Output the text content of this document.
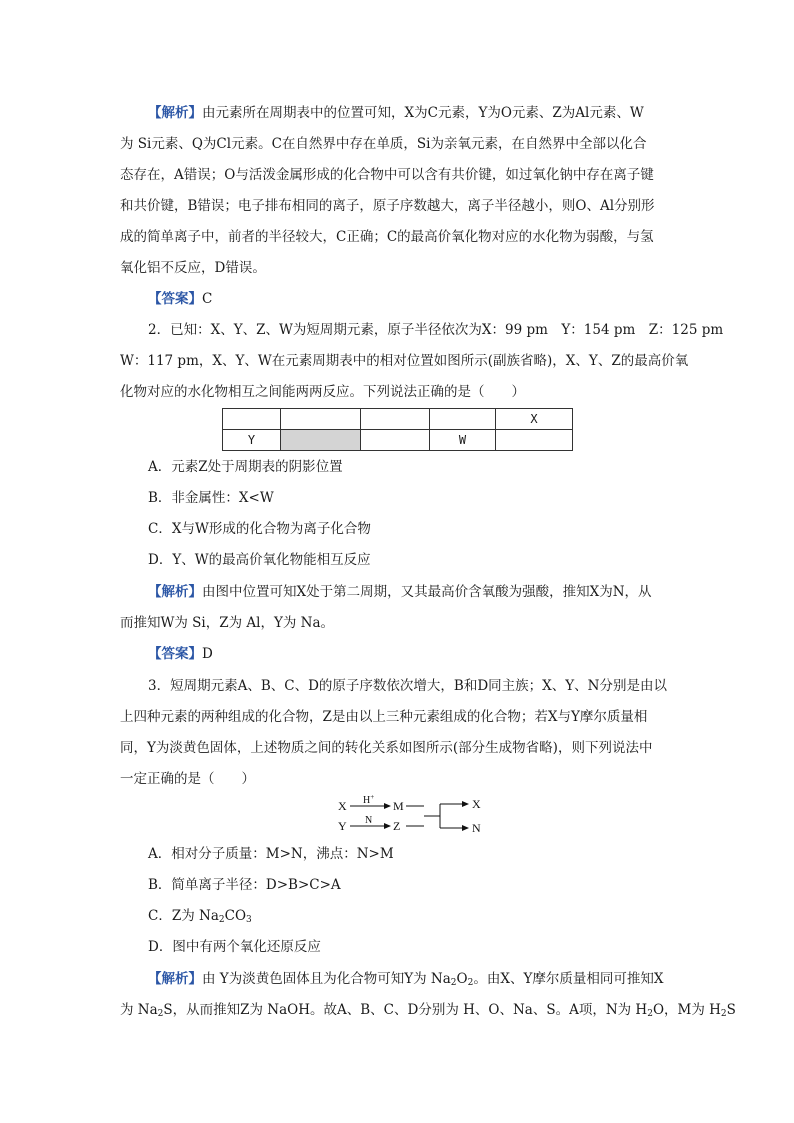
【解析】由元素所在周期表中的位置可知，X为C元素，Y为O元素、Z为Al元素、W
为 Si元素、Q为Cl元素。C在自然界中存在单质，Si为亲氧元素，在自然界中全部以化合
态存在，A错误；O与活泼金属形成的化合物中可以含有共价键，如过氧化钠中存在离子键
和共价键，B错误；电子排布相同的离子，原子序数越大，离子半径越小，则O、Al分别形
成的简单离子中，前者的半径较大，C正确；C的最高价氧化物对应的水化物为弱酸，与氢
氧化铝不反应，D错误。
【答案】C
2．已知：X、Y、Z、W为短周期元素，原子半径依次为X：99 pm　Y：154 pm　Z：125 pm
W：117 pm，X、Y、W在元素周期表中的相对位置如图所示(副族省略)，X、Y、Z的最高价氧
化物对应的水化物相互之间能两两反应。下列说法正确的是（　　）
				X
Y			W	
A．元素Z处于周期表的阴影位置
B．非金属性：X<W
C．X与W形成的化合物为离子化合物
D．Y、W的最高价氧化物能相互反应
【解析】由图中位置可知X处于第二周期，又其最高价含氧酸为强酸，推知X为N，从
而推知W为 Si，Z为 Al，Y为 Na。
【答案】D
3．短周期元素A、B、C、D的原子序数依次增大，B和D同主族；X、Y、N分别是由以
上四种元素的两种组成的化合物，Z是由以上三种元素组成的化合物；若X与Y摩尔质量相
同，Y为淡黄色固体，上述物质之间的转化关系如图所示(部分生成物省略)，则下列说法中
一定正确的是（　　）
X
Y
H+
N
M
Z
X
N
A．相对分子质量：M>N，沸点：N>M
B．简单离子半径：D>B>C>A
C．Z为 $Na_2CO_3$
D．图中有两个氧化还原反应
【解析】由 Y为淡黄色固体且为化合物可知Y为 $Na_2O_2$。由X、Y摩尔质量相同可推知X
为 $Na_2S$，从而推知Z为 NaOH。故A、B、C、D分别为 H、O、Na、S。A项，N为 $H_2O$，M为 $H_2S$
